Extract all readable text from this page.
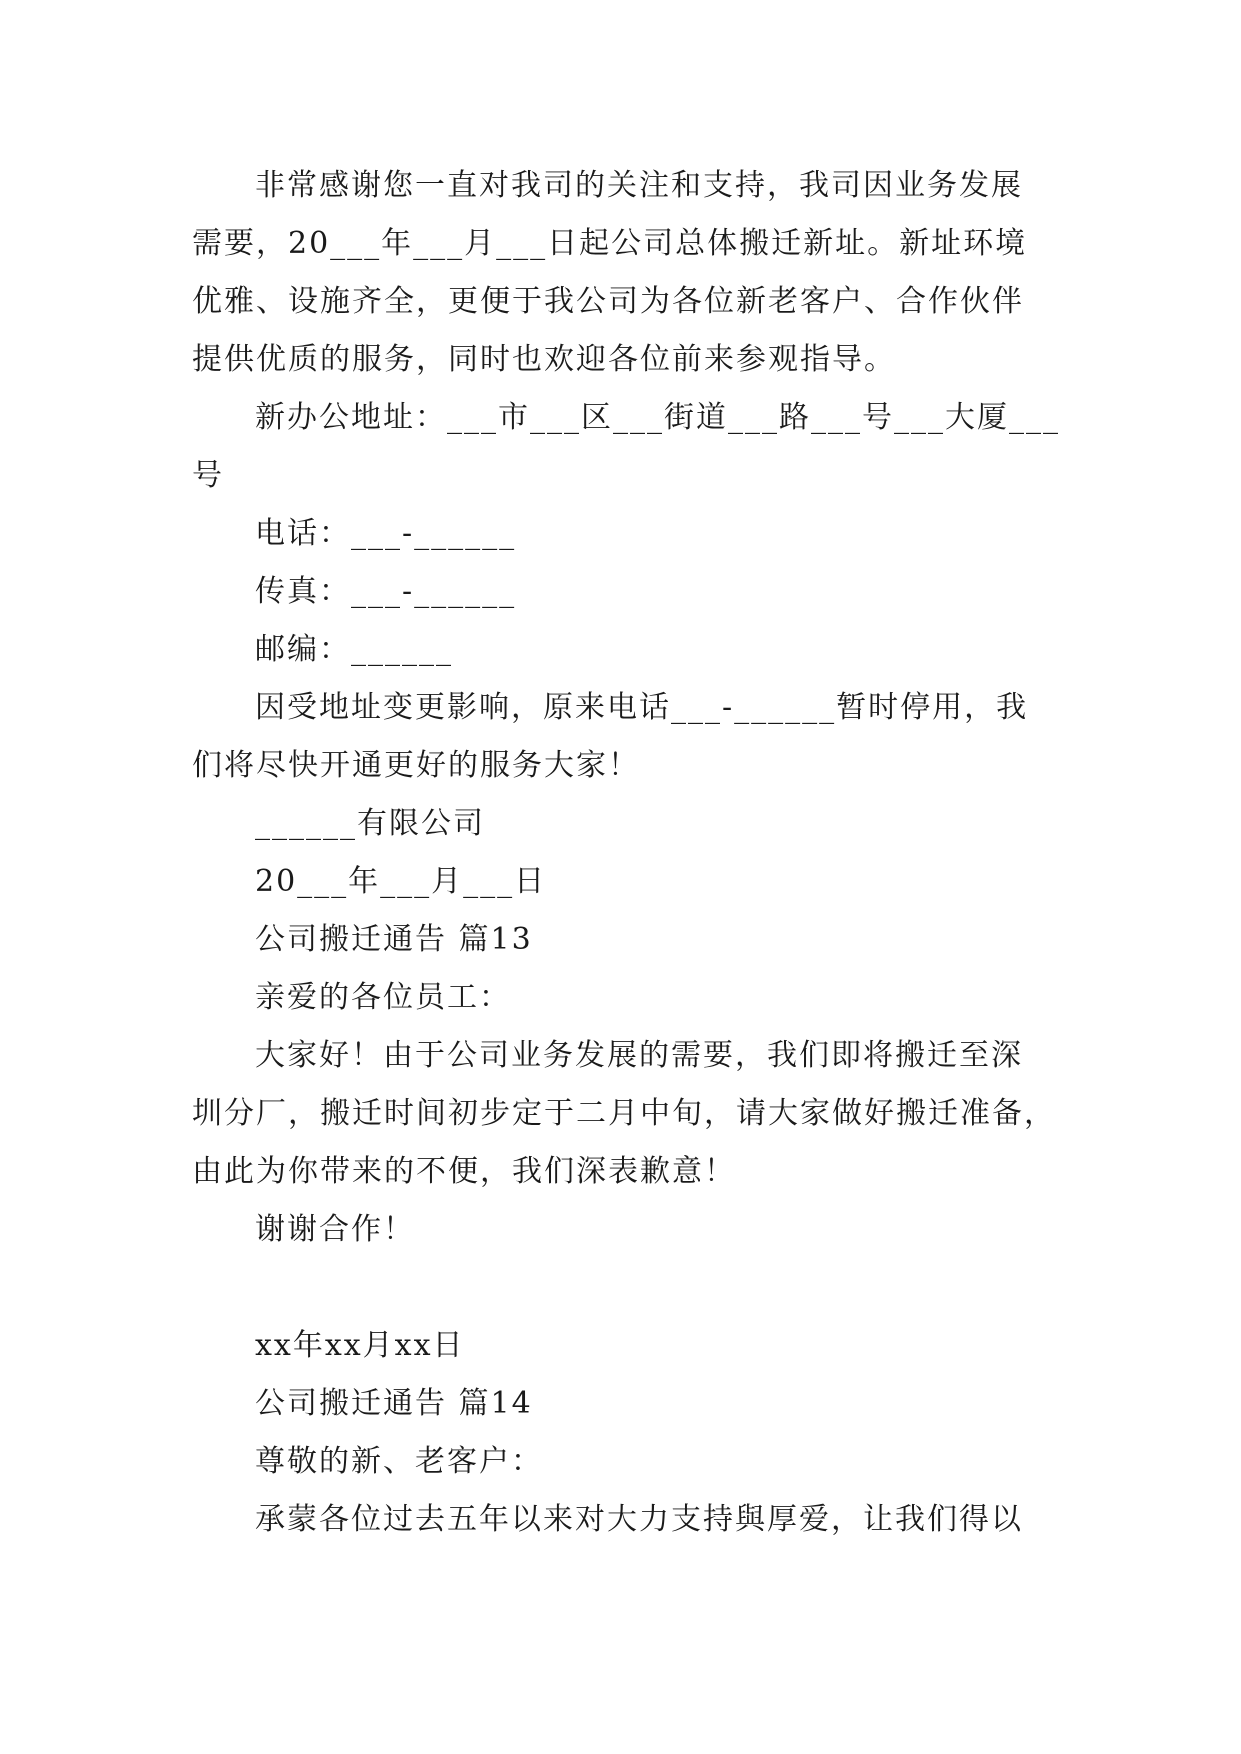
非常感谢您一直对我司的关注和支持，我司因业务发展
需要，20___年___月___日起公司总体搬迁新址。新址环境
优雅、设施齐全，更便于我公司为各位新老客户、合作伙伴
提供优质的服务，同时也欢迎各位前来参观指导。
新办公地址：___市___区___街道___路___号___大厦___
号
电话：___-______
传真：___-______
邮编：______
因受地址变更影响，原来电话___-______暂时停用，我
们将尽快开通更好的服务大家！
______有限公司
20___年___月___日
公司搬迁通告 篇13
亲爱的各位员工：
大家好！由于公司业务发展的需要，我们即将搬迁至深
圳分厂，搬迁时间初步定于二月中旬，请大家做好搬迁准备，
由此为你带来的不便，我们深表歉意！
谢谢合作！
xx年xx月xx日
公司搬迁通告 篇14
尊敬的新、老客户：
承蒙各位过去五年以来对大力支持與厚爱，让我们得以
